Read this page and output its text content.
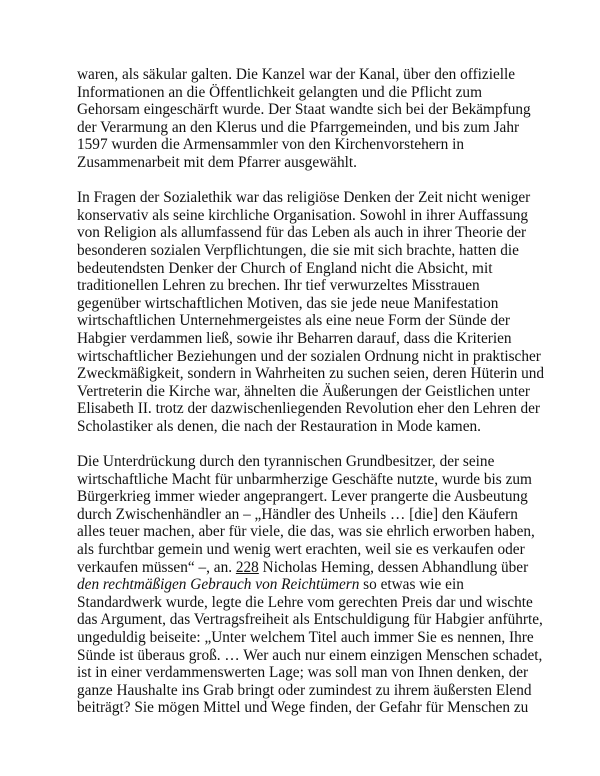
waren, als säkular galten. Die Kanzel war der Kanal, über den offizielle
Informationen an die Öffentlichkeit gelangten und die Pflicht zum
Gehorsam eingeschärft wurde. Der Staat wandte sich bei der Bekämpfung
der Verarmung an den Klerus und die Pfarrgemeinden, und bis zum Jahr
1597 wurden die Armensammler von den Kirchenvorstehern in
Zusammenarbeit mit dem Pfarrer ausgewählt.

In Fragen der Sozialethik war das religiöse Denken der Zeit nicht weniger
konservativ als seine kirchliche Organisation. Sowohl in ihrer Auffassung
von Religion als allumfassend für das Leben als auch in ihrer Theorie der
besonderen sozialen Verpflichtungen, die sie mit sich brachte, hatten die
bedeutendsten Denker der Church of England nicht die Absicht, mit
traditionellen Lehren zu brechen. Ihr tief verwurzeltes Misstrauen
gegenüber wirtschaftlichen Motiven, das sie jede neue Manifestation
wirtschaftlichen Unternehmergeistes als eine neue Form der Sünde der
Habgier verdammen ließ, sowie ihr Beharren darauf, dass die Kriterien
wirtschaftlicher Beziehungen und der sozialen Ordnung nicht in praktischer
Zweckmäßigkeit, sondern in Wahrheiten zu suchen seien, deren Hüterin und
Vertreterin die Kirche war, ähnelten die Äußerungen der Geistlichen unter
Elisabeth II. trotz der dazwischenliegenden Revolution eher den Lehren der
Scholastiker als denen, die nach der Restauration in Mode kamen.

Die Unterdrückung durch den tyrannischen Grundbesitzer, der seine
wirtschaftliche Macht für unbarmherzige Geschäfte nutzte, wurde bis zum
Bürgerkrieg immer wieder angeprangert. Lever prangerte die Ausbeutung
durch Zwischenhändler an – „Händler des Unheils … [die] den Käufern
alles teuer machen, aber für viele, die das, was sie ehrlich erworben haben,
als furchtbar gemein und wenig wert erachten, weil sie es verkaufen oder
verkaufen müssen“ –, an. 228 Nicholas Heming, dessen Abhandlung über
den rechtmäßigen Gebrauch von Reichtümern so etwas wie ein
Standardwerk wurde, legte die Lehre vom gerechten Preis dar und wischte
das Argument, das Vertragsfreiheit als Entschuldigung für Habgier anführte,
ungeduldig beiseite: „Unter welchem Titel auch immer Sie es nennen, Ihre
Sünde ist überaus groß. … Wer auch nur einem einzigen Menschen schadet,
ist in einer verdammenswerten Lage; was soll man von Ihnen denken, der
ganze Haushalte ins Grab bringt oder zumindest zu ihrem äußersten Elend
beiträgt? Sie mögen Mittel und Wege finden, der Gefahr für Menschen zu
